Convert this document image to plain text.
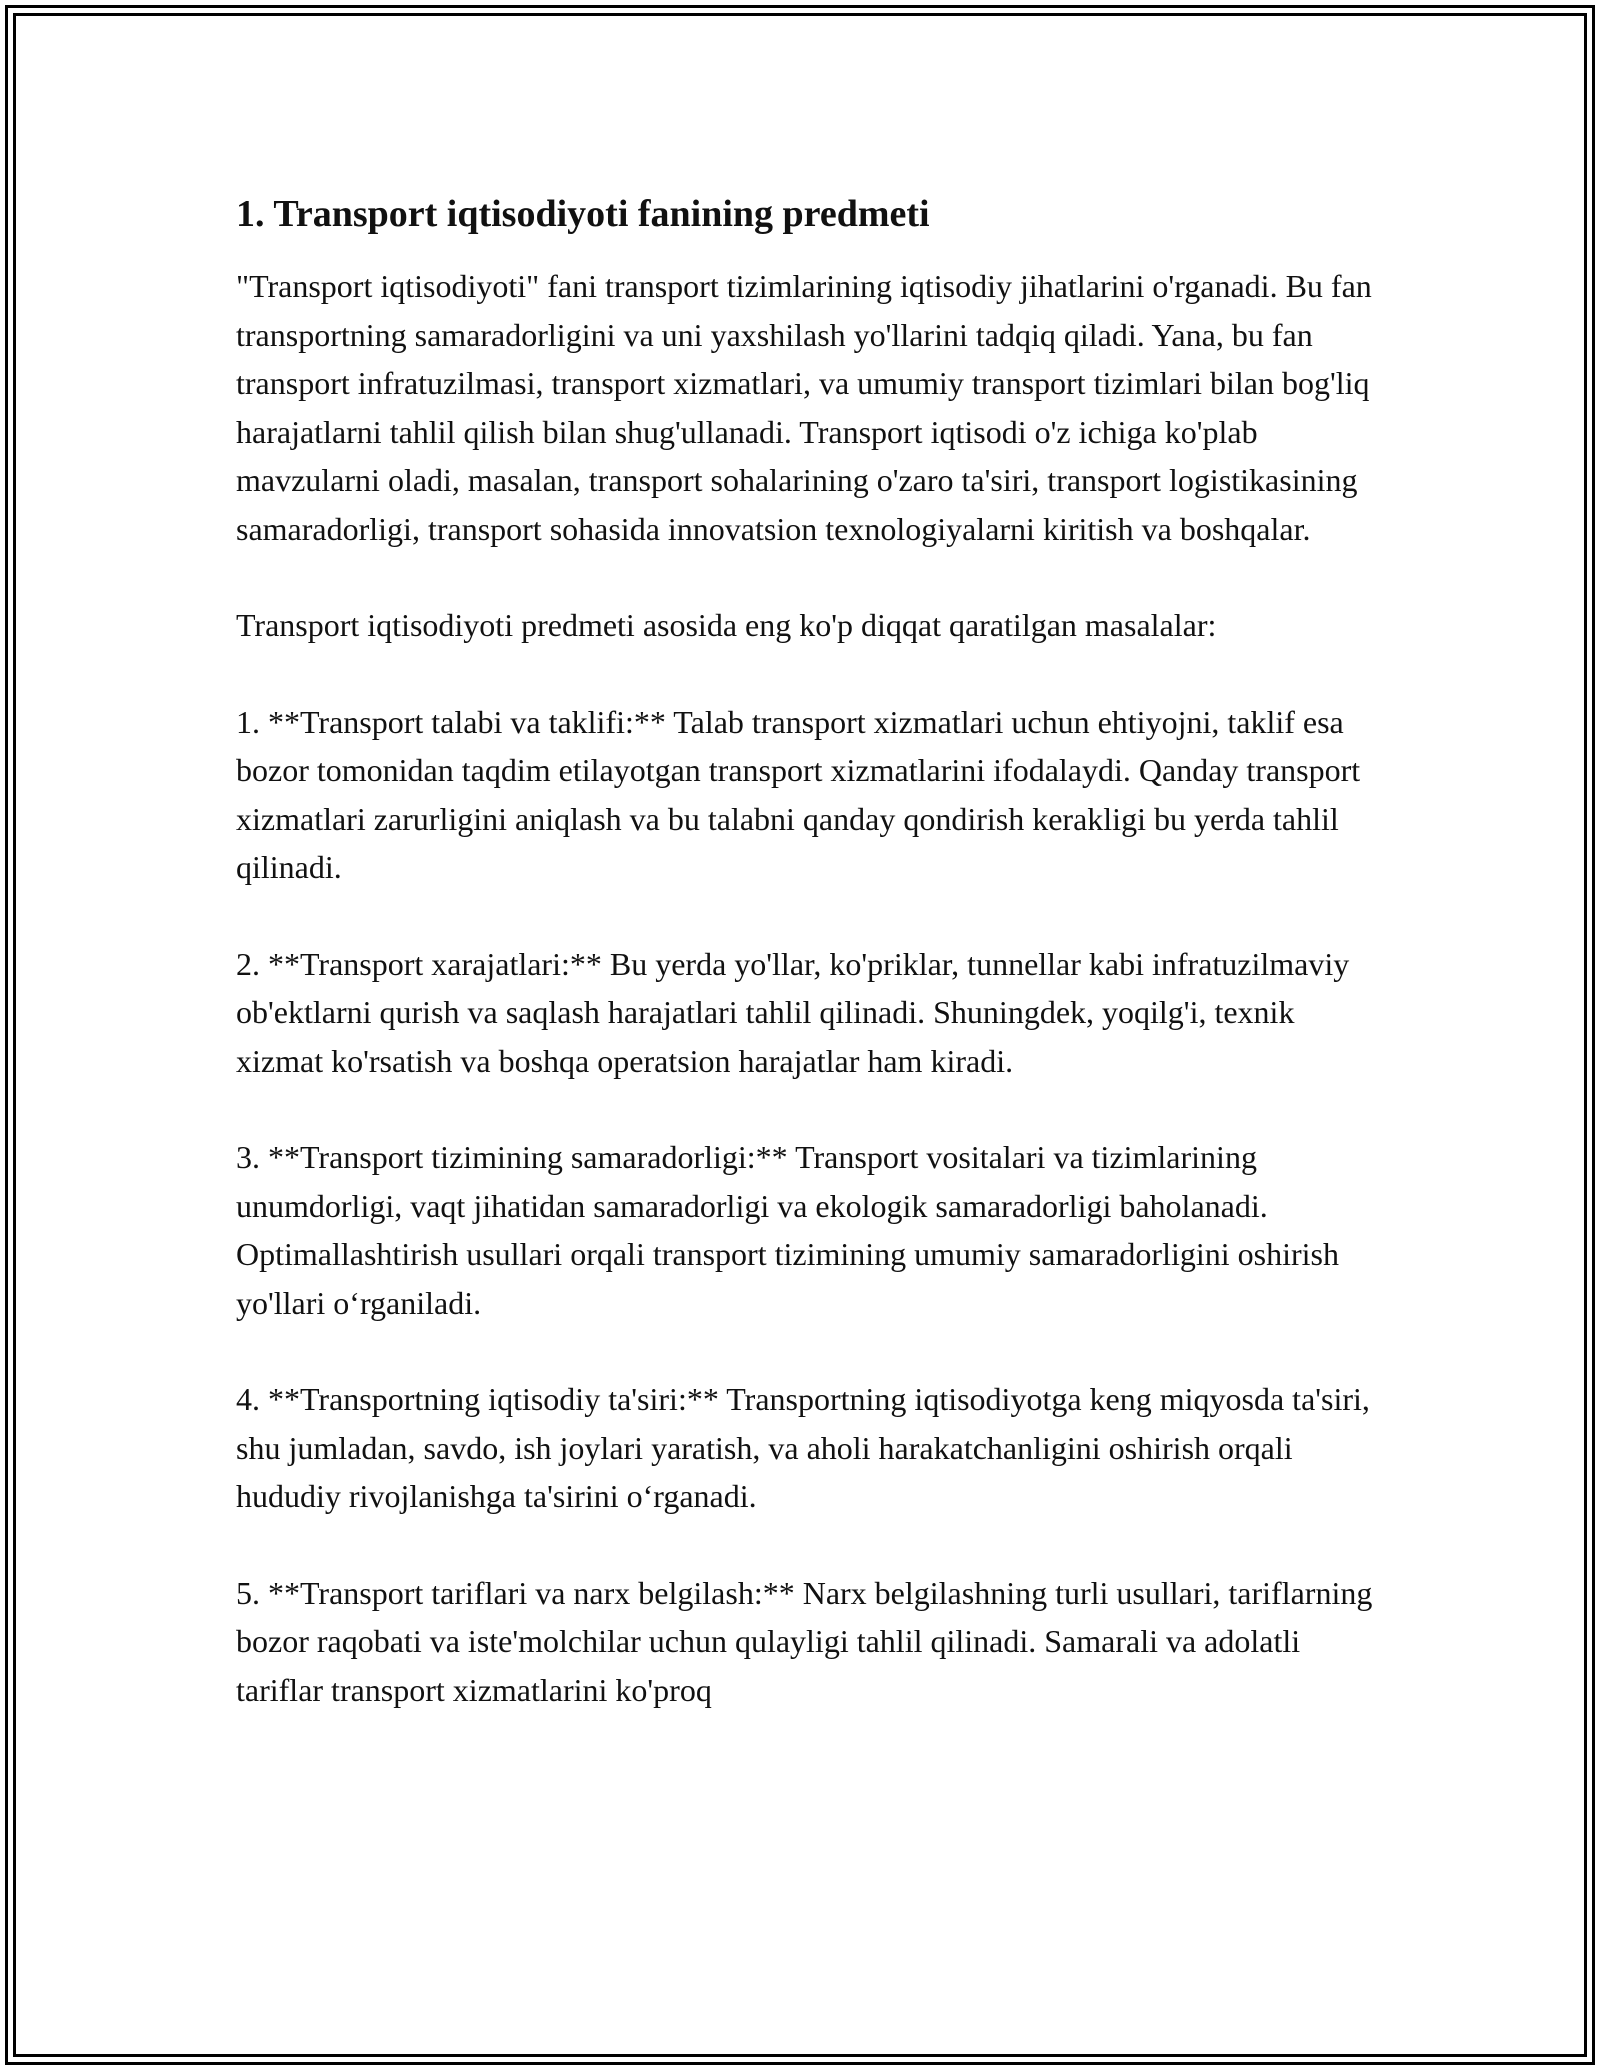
1. Transport iqtisodiyoti fanining predmeti

"Transport iqtisodiyoti" fani transport tizimlarining iqtisodiy jihatlarini o'rganadi. Bu fan transportning samaradorligini va uni yaxshilash yo'llarini tadqiq qiladi. Yana, bu fan transport infratuzilmasi, transport xizmatlari, va umumiy transport tizimlari bilan bog'liq harajatlarni tahlil qilish bilan shug'ullanadi. Transport iqtisodi o'z ichiga ko'plab mavzularni oladi, masalan, transport sohalarining o'zaro ta'siri, transport logistikasining samaradorligi, transport sohasida innovatsion texnologiyalarni kiritish va boshqalar.

Transport iqtisodiyoti predmeti asosida eng ko'p diqqat qaratilgan masalalar:

1. **Transport talabi va taklifi:** Talab transport xizmatlari uchun ehtiyojni, taklif esa bozor tomonidan taqdim etilayotgan transport xizmatlarini ifodalaydi. Qanday transport xizmatlari zarurligini aniqlash va bu talabni qanday qondirish kerakligi bu yerda tahlil qilinadi.

2. **Transport xarajatlari:** Bu yerda yo'llar, ko'priklar, tunnellar kabi infratuzilmaviy ob'ektlarni qurish va saqlash harajatlari tahlil qilinadi. Shuningdek, yoqilg'i, texnik xizmat ko'rsatish va boshqa operatsion harajatlar ham kiradi.

3. **Transport tizimining samaradorligi:** Transport vositalari va tizimlarining unumdorligi, vaqt jihatidan samaradorligi va ekologik samaradorligi baholanadi. Optimallashtirish usullari orqali transport tizimining umumiy samaradorligini oshirish yo'llari o‘rganiladi.

4. **Transportning iqtisodiy ta'siri:** Transportning iqtisodiyotga keng miqyosda ta'siri, shu jumladan, savdo, ish joylari yaratish, va aholi harakatchanligini oshirish orqali hududiy rivojlanishga ta'sirini o‘rganadi.

5. **Transport tariflari va narx belgilash:** Narx belgilashning turli usullari, tariflarning bozor raqobati va iste'molchilar uchun qulayligi tahlil qilinadi. Samarali va adolatli tariflar transport xizmatlarini ko'proq
